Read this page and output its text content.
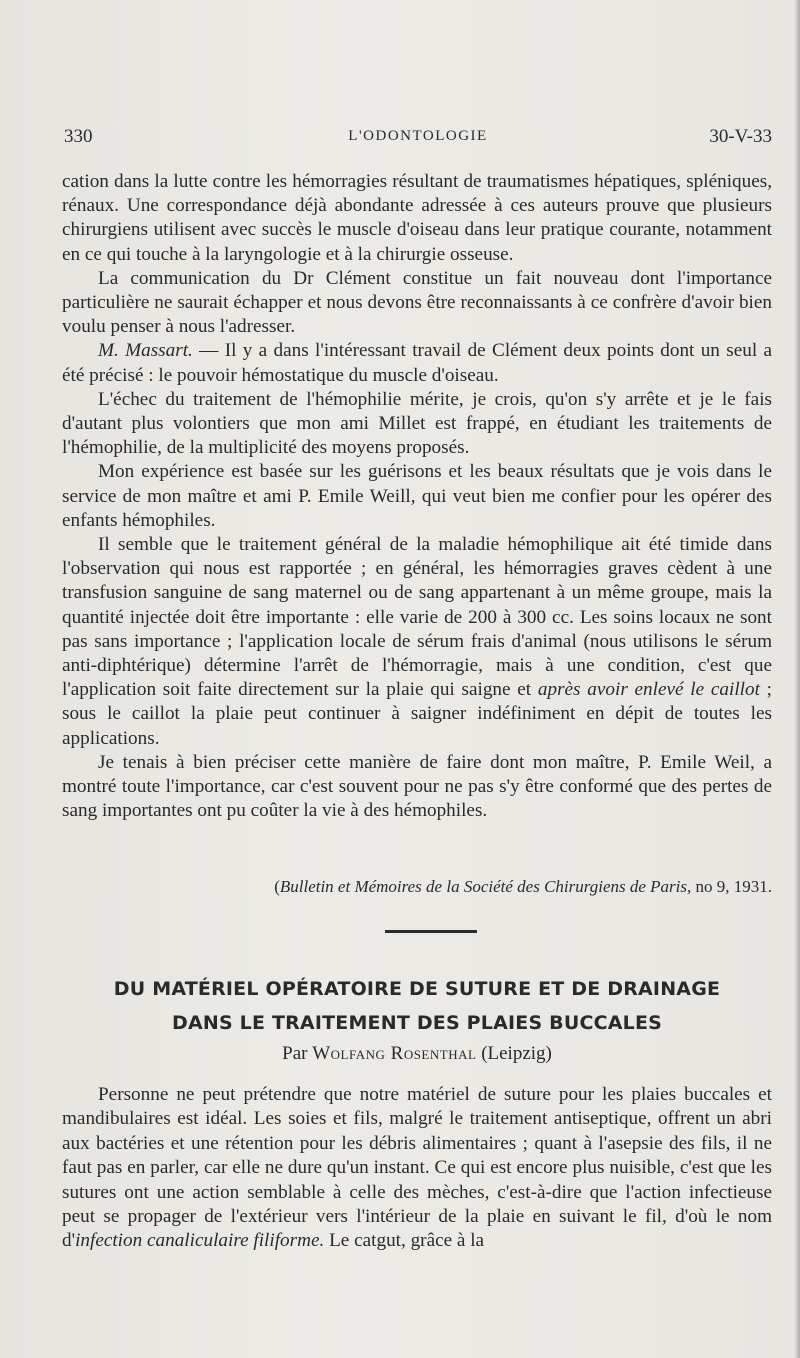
330	L'ODONTOLOGIE	30-V-33

cation dans la lutte contre les hémorragies résultant de traumatismes hépatiques, spléniques, rénaux. Une correspondance déjà abondante adressée à ces auteurs prouve que plusieurs chirurgiens utilisent avec succès le muscle d'oiseau dans leur pratique courante, notamment en ce qui touche à la laryngologie et à la chirurgie osseuse.

La communication du Dr Clément constitue un fait nouveau dont l'importance particulière ne saurait échapper et nous devons être reconnaissants à ce confrère d'avoir bien voulu penser à nous l'adresser.

M. Massart. — Il y a dans l'intéressant travail de Clément deux points dont un seul a été précisé : le pouvoir hémostatique du muscle d'oiseau.

L'échec du traitement de l'hémophilie mérite, je crois, qu'on s'y arrête et je le fais d'autant plus volontiers que mon ami Millet est frappé, en étudiant les traitements de l'hémophilie, de la multiplicité des moyens proposés.

Mon expérience est basée sur les guérisons et les beaux résultats que je vois dans le service de mon maître et ami P. Emile Weill, qui veut bien me confier pour les opérer des enfants hémophiles.

Il semble que le traitement général de la maladie hémophilique ait été timide dans l'observation qui nous est rapportée ; en général, les hémorragies graves cèdent à une transfusion sanguine de sang maternel ou de sang appartenant à un même groupe, mais la quantité injectée doit être importante : elle varie de 200 à 300 cc. Les soins locaux ne sont pas sans importance ; l'application locale de sérum frais d'animal (nous utilisons le sérum anti-diphtérique) détermine l'arrêt de l'hémorragie, mais à une condition, c'est que l'application soit faite directement sur la plaie qui saigne et après avoir enlevé le caillot ; sous le caillot la plaie peut continuer à saigner indéfiniment en dépit de toutes les applications.

Je tenais à bien préciser cette manière de faire dont mon maître, P. Emile Weil, a montré toute l'importance, car c'est souvent pour ne pas s'y être conformé que des pertes de sang importantes ont pu coûter la vie à des hémophiles.

(Bulletin et Mémoires de la Société des Chirurgiens de Paris, no 9, 1931.
DU MATÉRIEL OPÉRATOIRE DE SUTURE ET DE DRAINAGE
DANS LE TRAITEMENT DES PLAIES BUCCALES
Par Wolfang Rosenthal (Leipzig)

Personne ne peut prétendre que notre matériel de suture pour les plaies buccales et mandibulaires est idéal. Les soies et fils, malgré le traitement antiseptique, offrent un abri aux bactéries et une rétention pour les débris alimentaires ; quant à l'asepsie des fils, il ne faut pas en parler, car elle ne dure qu'un instant. Ce qui est encore plus nuisible, c'est que les sutures ont une action semblable à celle des mèches, c'est-à-dire que l'action infectieuse peut se propager de l'extérieur vers l'intérieur de la plaie en suivant le fil, d'où le nom d'infection canaliculaire filiforme. Le catgut, grâce à la
